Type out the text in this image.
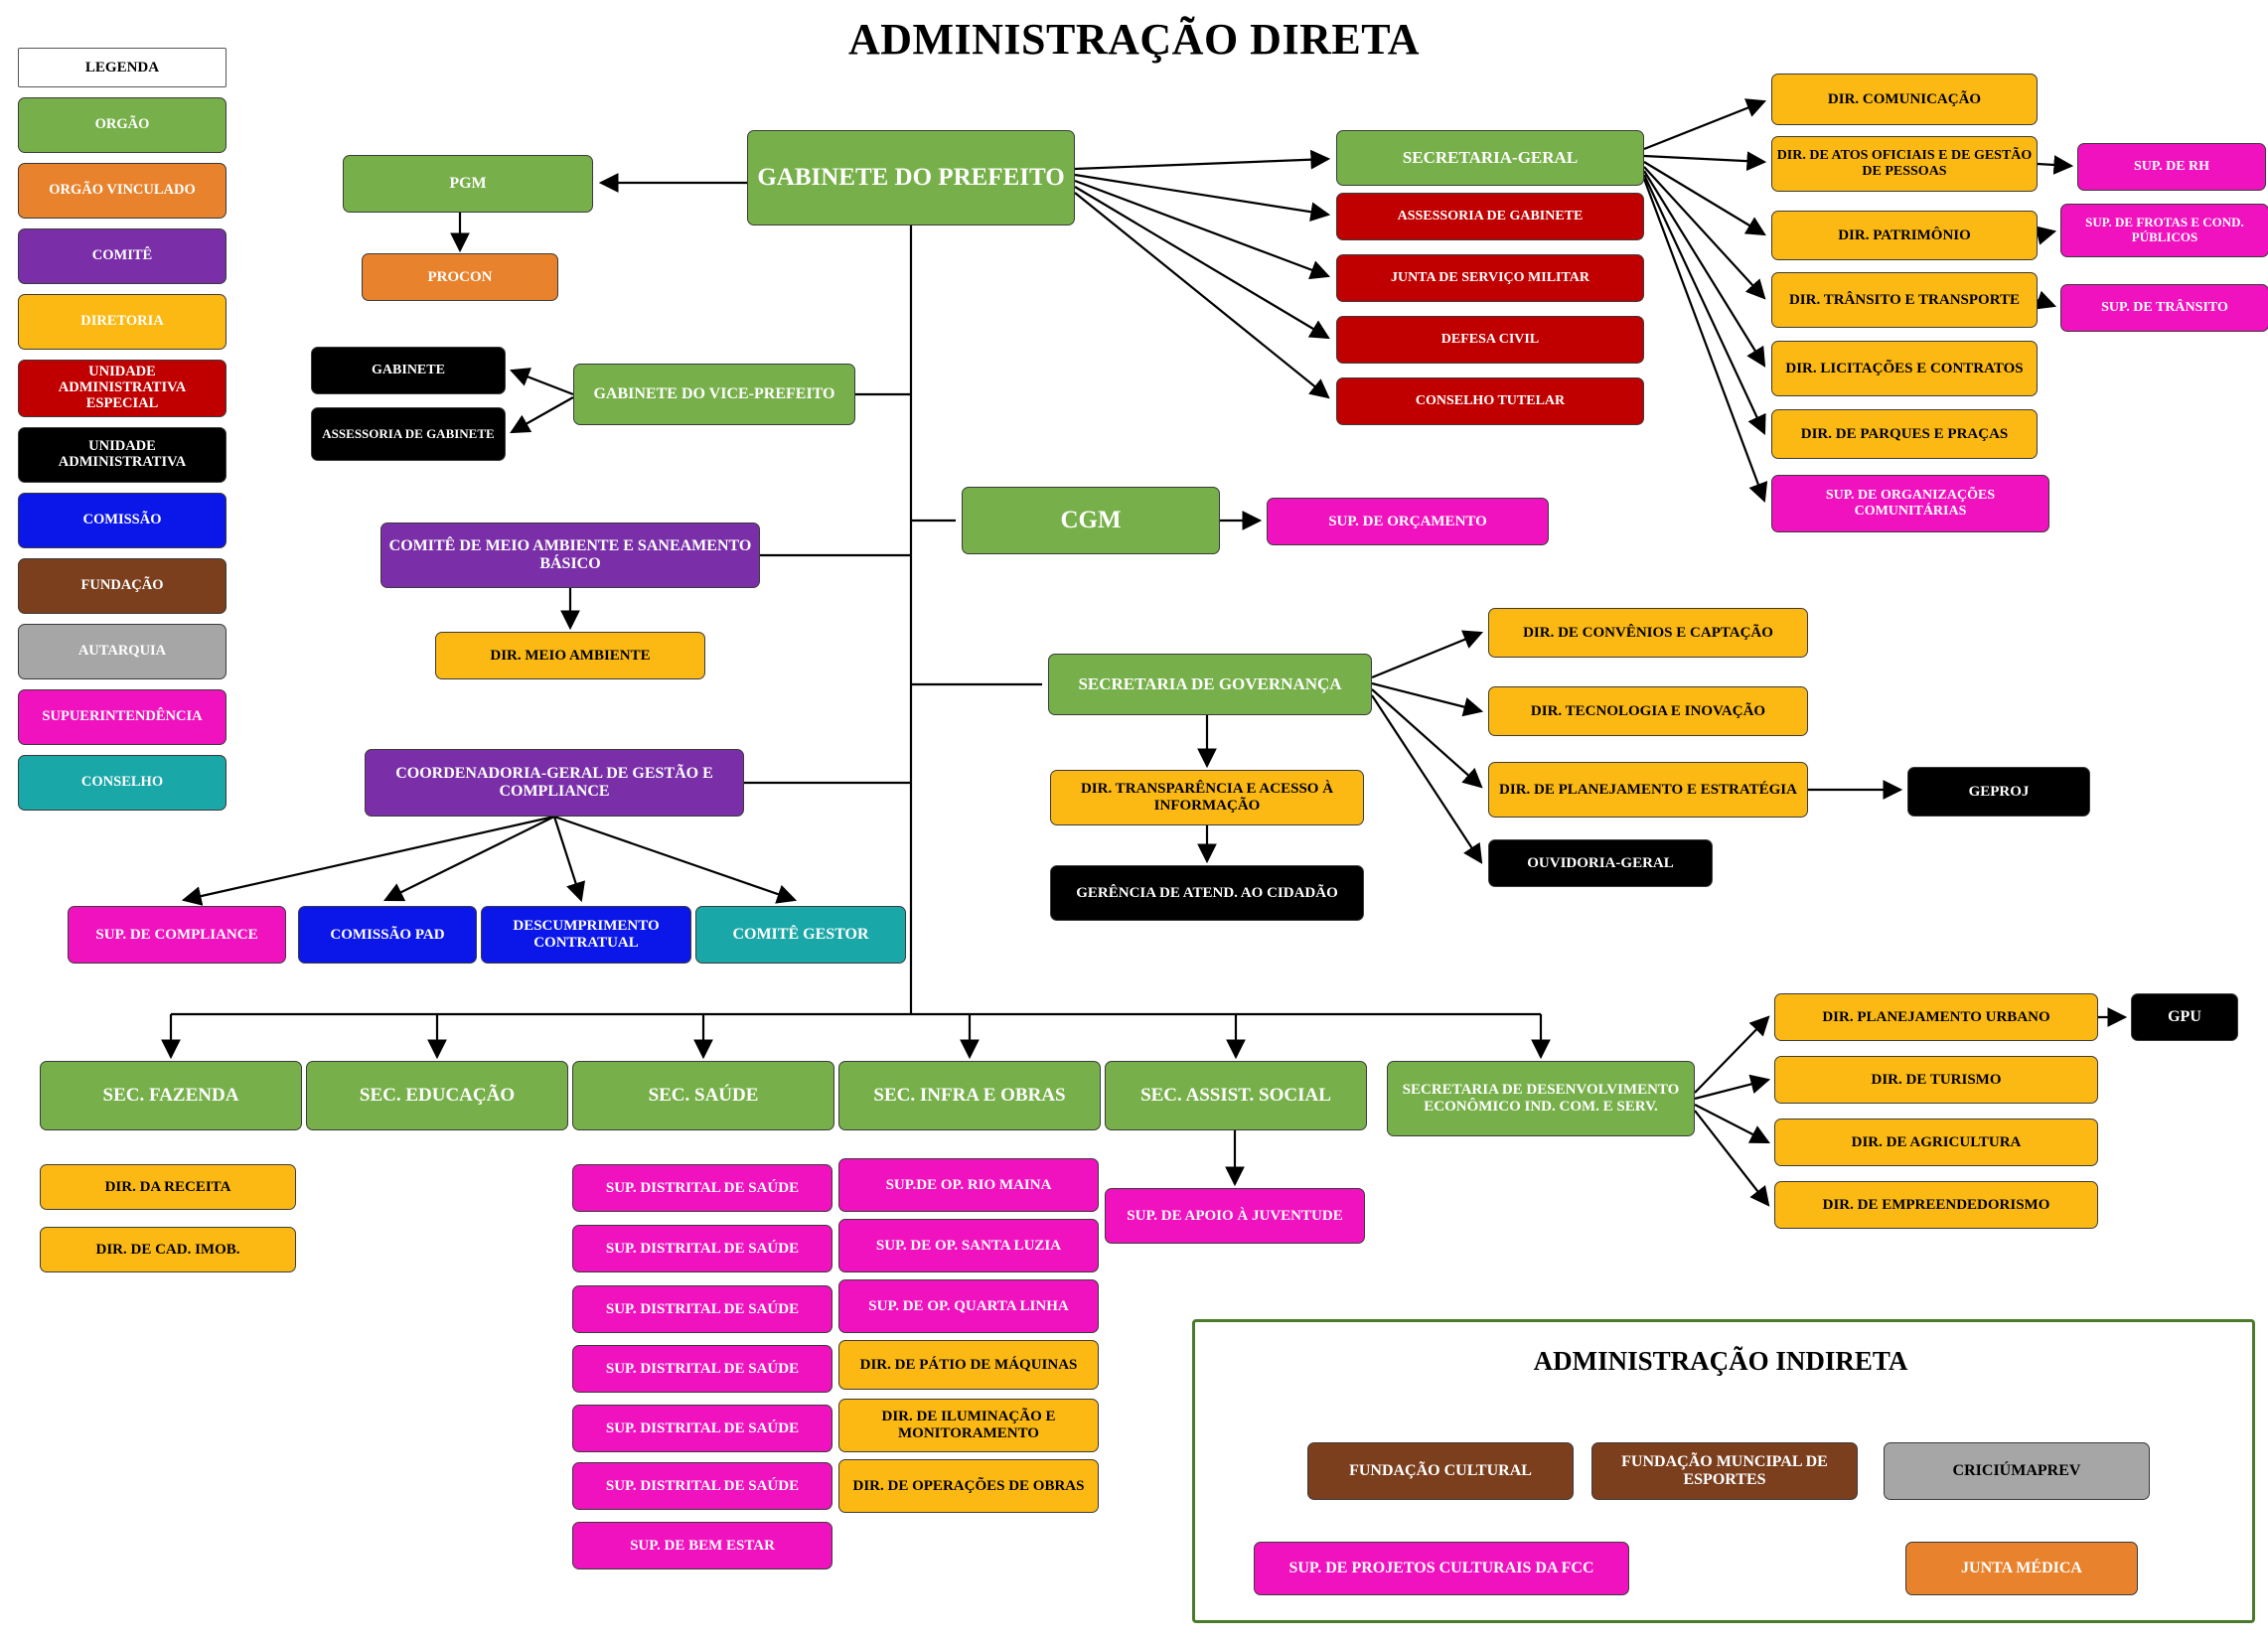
ADMINISTRAÇÃO DIRETA
LEGENDA
ORGÃO
ORGÃO VINCULADO
COMITÊ
DIRETORIA
UNIDADE ADMINISTRATIVA ESPECIAL
UNIDADE ADMINISTRATIVA
COMISSÃO
FUNDAÇÃO
AUTARQUIA
SUPUERINTENDÊNCIA
CONSELHO
ADMINISTRAÇÃO INDIRETA
GABINETE DO PREFEITO
PGM
PROCON
SECRETARIA-GERAL
ASSESSORIA DE GABINETE
JUNTA DE SERVIÇO MILITAR
DEFESA CIVIL
CONSELHO TUTELAR
DIR. COMUNICAÇÃO
DIR. DE ATOS OFICIAIS E DE GESTÃO DE PESSOAS	SUP. DE RH
DIR. PATRIMÔNIO
SUP. DE FROTAS E COND. PÚBLICOS
DIR. TRÂNSITO E TRANSPORTE
SUP. DE TRÂNSITO
DIR. LICITAÇÕES E CONTRATOS
DIR. DE PARQUES E PRAÇAS
SUP. DE ORGANIZAÇÕES COMUNITÁRIAS
GABINETE
ASSESSORIA DE GABINETE
GABINETE DO VICE-PREFEITO
CGM	SUP. DE ORÇAMENTO
COMITÊ DE MEIO AMBIENTE E SANEAMENTO BÁSICO
DIR. MEIO AMBIENTE
SECRETARIA DE GOVERNANÇA
DIR. DE CONVÊNIOS E CAPTAÇÃO
DIR. TECNOLOGIA E INOVAÇÃO
DIR. DE PLANEJAMENTO E ESTRATÉGIA	GEPROJ
OUVIDORIA-GERAL
DIR. TRANSPARÊNCIA E ACESSO À INFORMAÇÃO
GERÊNCIA DE ATEND. AO CIDADÃO
COORDENADORIA-GERAL DE GESTÃO E COMPLIANCE
SUP. DE COMPLIANCE	COMISSÃO PAD
DESCUMPRIMENTO CONTRATUAL	COMITÊ GESTOR
SEC. FAZENDA	SEC. EDUCAÇÃO	SEC. SAÚDE	SEC. INFRA E OBRAS	SEC. ASSIST. SOCIAL	SECRETARIA DE DESENVOLVIMENTO ECONÔMICO IND. COM. E SERV.
DIR. DA RECEITA
DIR. DE CAD. IMOB.
SUP. DISTRITAL DE SAÚDE
SUP. DISTRITAL DE SAÚDE
SUP. DISTRITAL DE SAÚDE
SUP. DISTRITAL DE SAÚDE
SUP. DISTRITAL DE SAÚDE
SUP. DISTRITAL DE SAÚDE
SUP. DE BEM ESTAR
SUP.DE OP. RIO MAINA
SUP. DE OP. SANTA LUZIA
SUP. DE OP. QUARTA LINHA
DIR. DE PÁTIO DE MÁQUINAS
DIR. DE ILUMINAÇÃO E MONITORAMENTO
DIR. DE OPERAÇÕES DE OBRAS
SUP. DE APOIO À JUVENTUDE
DIR. PLANEJAMENTO URBANO	GPU
DIR. DE TURISMO
DIR. DE AGRICULTURA
DIR. DE EMPREENDEDORISMO
FUNDAÇÃO CULTURAL
FUNDAÇÃO MUNCIPAL DE ESPORTES
CRICIÚMAPREV
SUP. DE PROJETOS CULTURAIS DA FCC	JUNTA MÉDICA
